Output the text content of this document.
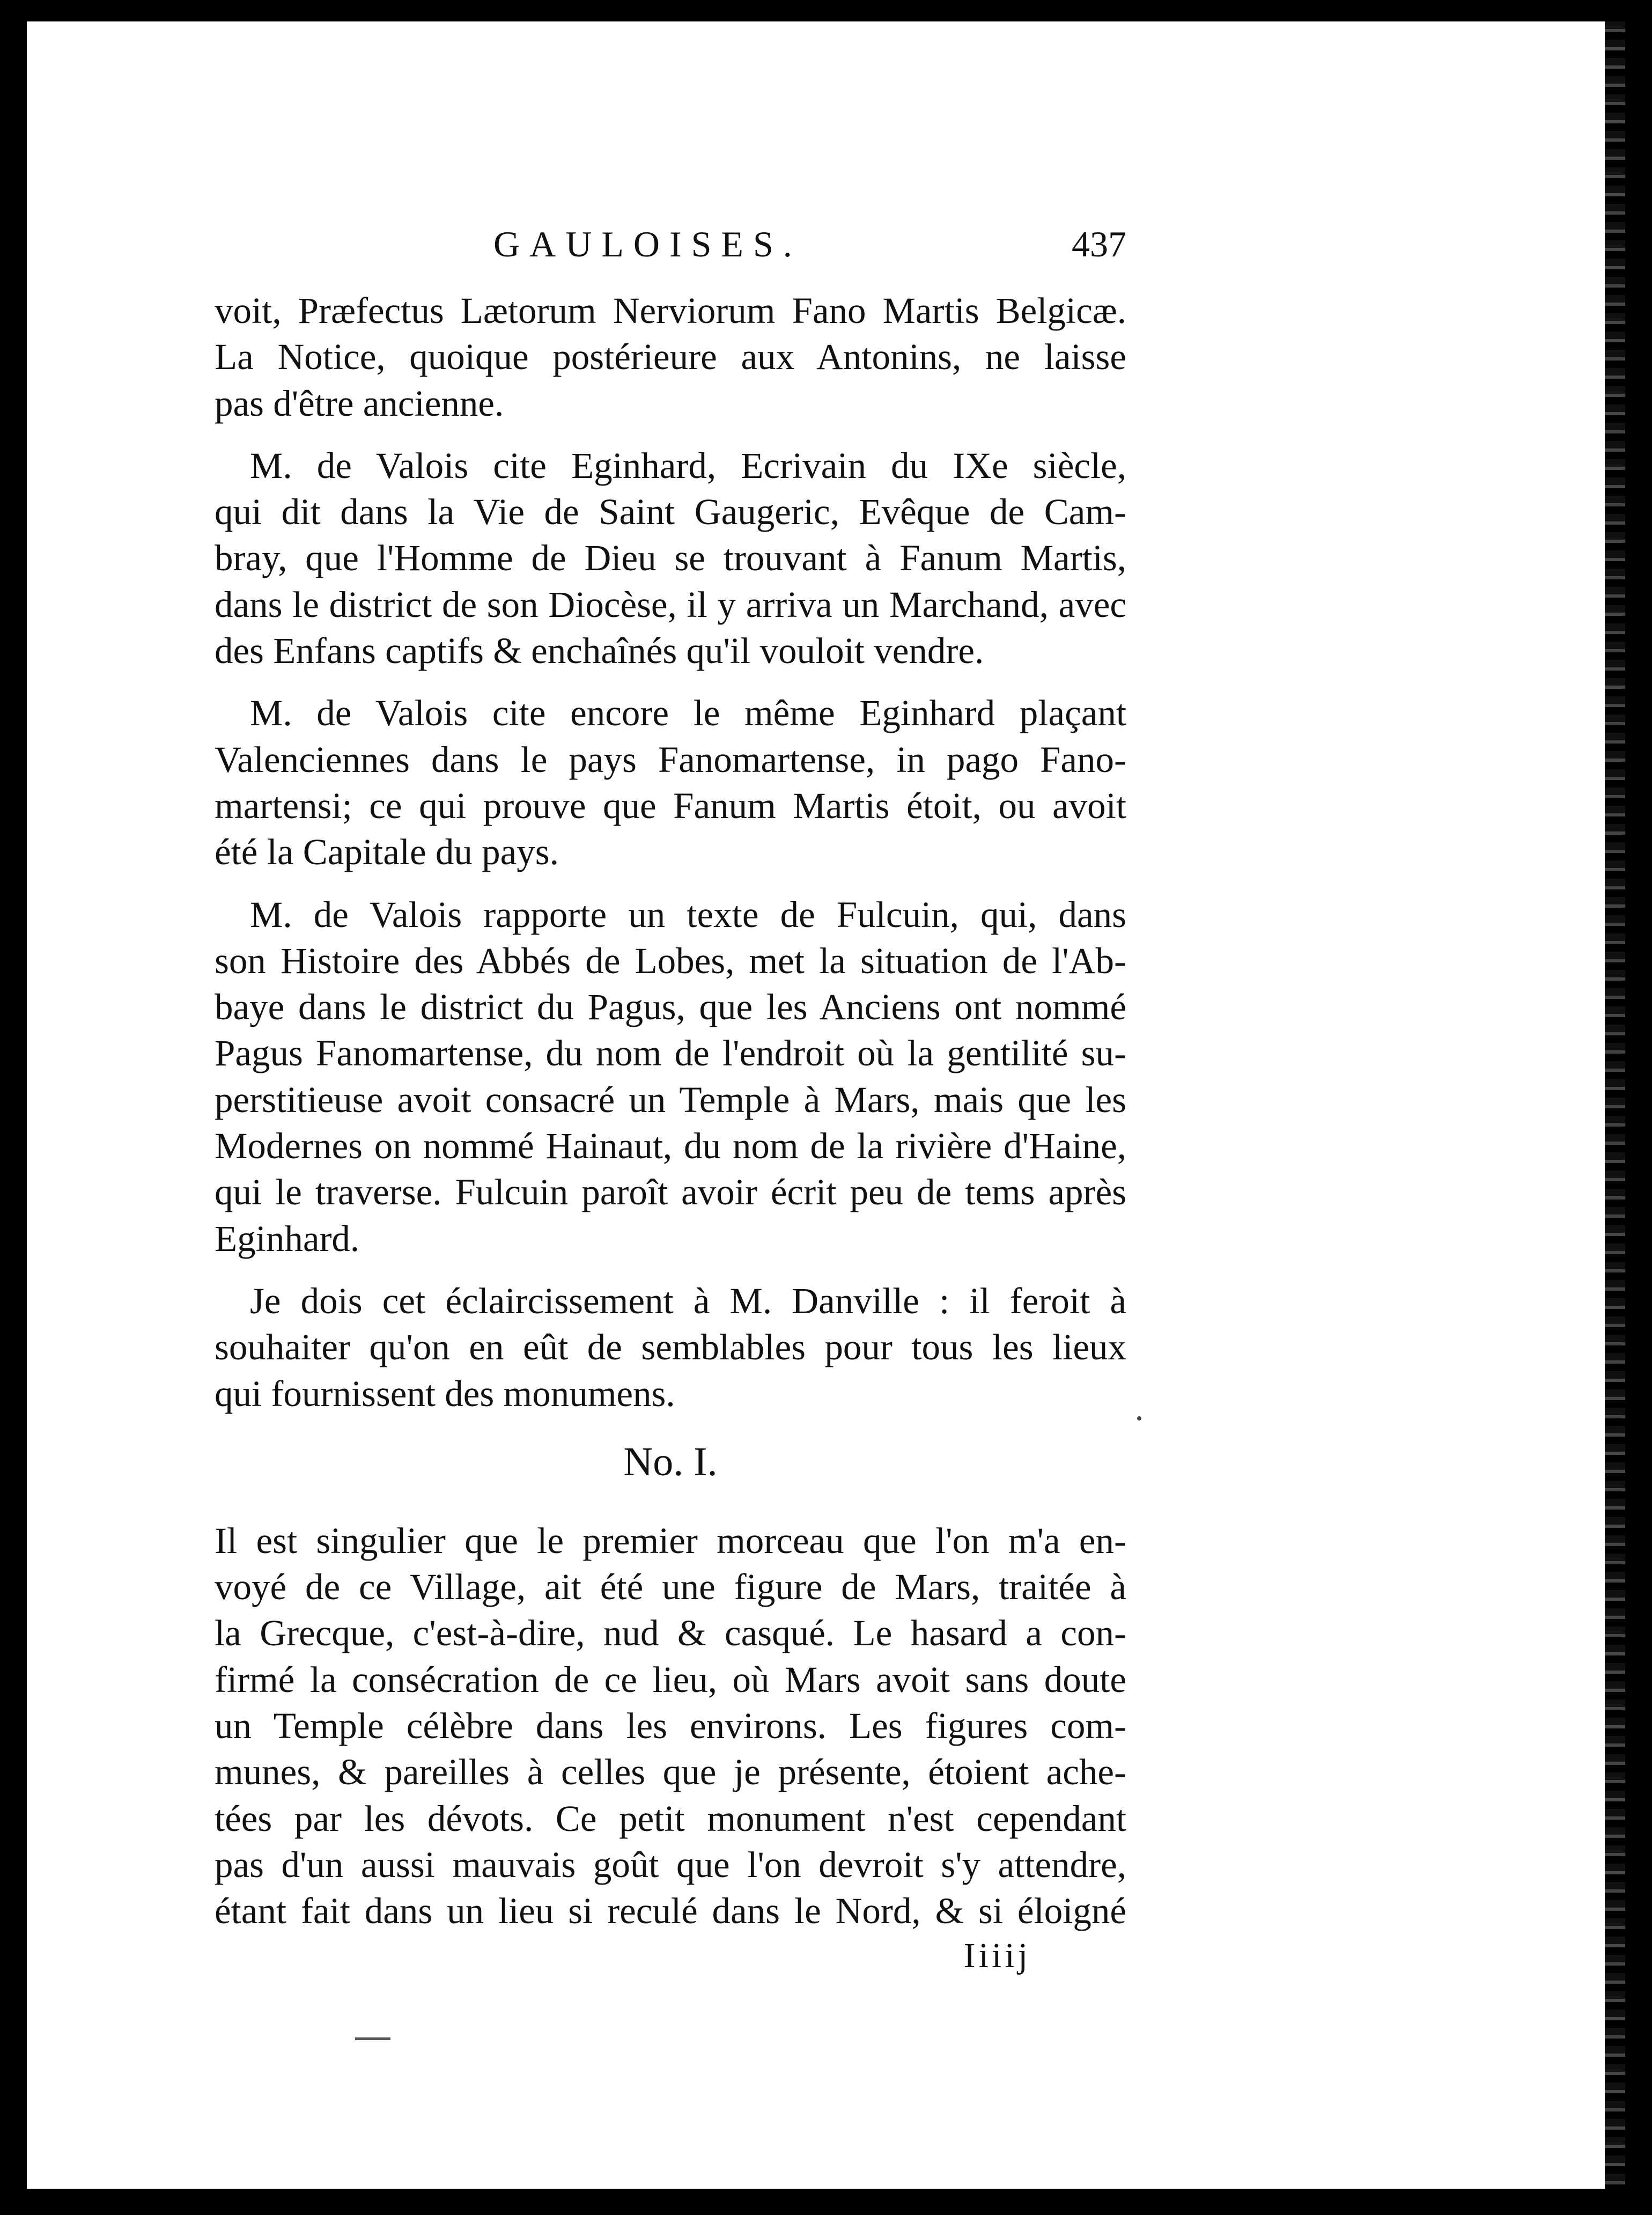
GAULOISES.	437

voit, Præfectus Lætorum Nerviorum Fano Martis Belgicæ.
La Notice, quoique postérieure aux Antonins, ne laisse
pas d'être ancienne.

M. de Valois cite Eginhard, Ecrivain du IXe siècle,
qui dit dans la Vie de Saint Gaugeric, Evêque de Cam-
bray, que l'Homme de Dieu se trouvant à Fanum Martis,
dans le district de son Diocèse, il y arriva un Marchand, avec
des Enfans captifs & enchaînés qu'il vouloit vendre.

M. de Valois cite encore le même Eginhard plaçant
Valenciennes dans le pays Fanomartense, in pago Fano-
martensi; ce qui prouve que Fanum Martis étoit, ou avoit
été la Capitale du pays.

M. de Valois rapporte un texte de Fulcuin, qui, dans
son Histoire des Abbés de Lobes, met la situation de l'Ab-
baye dans le district du Pagus, que les Anciens ont nommé
Pagus Fanomartense, du nom de l'endroit où la gentilité su-
perstitieuse avoit consacré un Temple à Mars, mais que les
Modernes on nommé Hainaut, du nom de la rivière d'Haine,
qui le traverse. Fulcuin paroît avoir écrit peu de tems après
Eginhard.

Je dois cet éclaircissement à M. Danville : il feroit à
souhaiter qu'on en eût de semblables pour tous les lieux
qui fournissent des monumens.

No. I.

Il est singulier que le premier morceau que l'on m'a en-
voyé de ce Village, ait été une figure de Mars, traitée à
la Grecque, c'est-à-dire, nud & casqué. Le hasard a con-
firmé la consécration de ce lieu, où Mars avoit sans doute
un Temple célèbre dans les environs. Les figures com-
munes, & pareilles à celles que je présente, étoient ache-
tées par les dévots. Ce petit monument n'est cependant
pas d'un aussi mauvais goût que l'on devroit s'y attendre,
étant fait dans un lieu si reculé dans le Nord, & si éloigné

Iiiij
